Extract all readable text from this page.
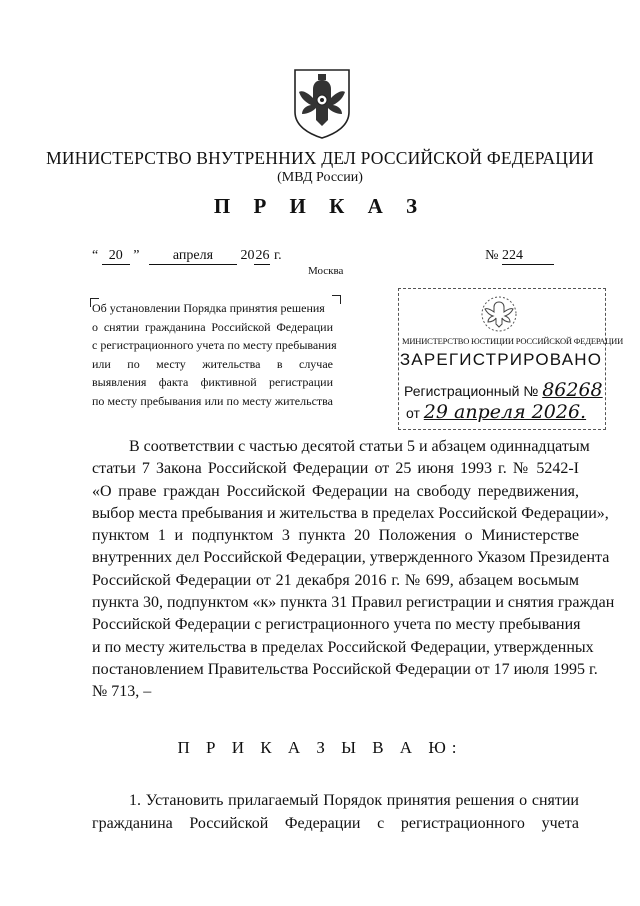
МИНИСТЕРСТВО ВНУТРЕННИХ ДЕЛ РОССИЙСКОЙ ФЕДЕРАЦИИ
(МВД России)
П Р И К А З
“ 20 ” апреля 2026 г.	№ 224
Москва
Об установлении Порядка принятия решения
о снятии гражданина Российской Федерации
с регистрационного учета по месту пребывания
или по месту жительства в случае
выявления факта фиктивной регистрации
по месту пребывания или по месту жительства
МИНИСТЕРСТВО ЮСТИЦИИ РОССИЙСКОЙ ФЕДЕРАЦИИ
ЗАРЕГИСТРИРОВАНО
Регистрационный № 86268
от 29 апреля 2026.
В соответствии с частью десятой статьи 5 и абзацем одиннадцатым
статьи 7 Закона Российской Федерации от 25 июня 1993 г. № 5242-I
«О праве граждан Российской Федерации на свободу передвижения,
выбор места пребывания и жительства в пределах Российской Федерации»,
пунктом 1 и подпунктом 3 пункта 20 Положения о Министерстве
внутренних дел Российской Федерации, утвержденного Указом Президента
Российской Федерации от 21 декабря 2016 г. № 699, абзацем восьмым
пункта 30, подпунктом «к» пункта 31 Правил регистрации и снятия граждан
Российской Федерации с регистрационного учета по месту пребывания
и по месту жительства в пределах Российской Федерации, утвержденных
постановлением Правительства Российской Федерации от 17 июля 1995 г.
№ 713, –
П Р И К А З Ы В А Ю:
1. Установить прилагаемый Порядок принятия решения о снятии
гражданина Российской Федерации с регистрационного учета
